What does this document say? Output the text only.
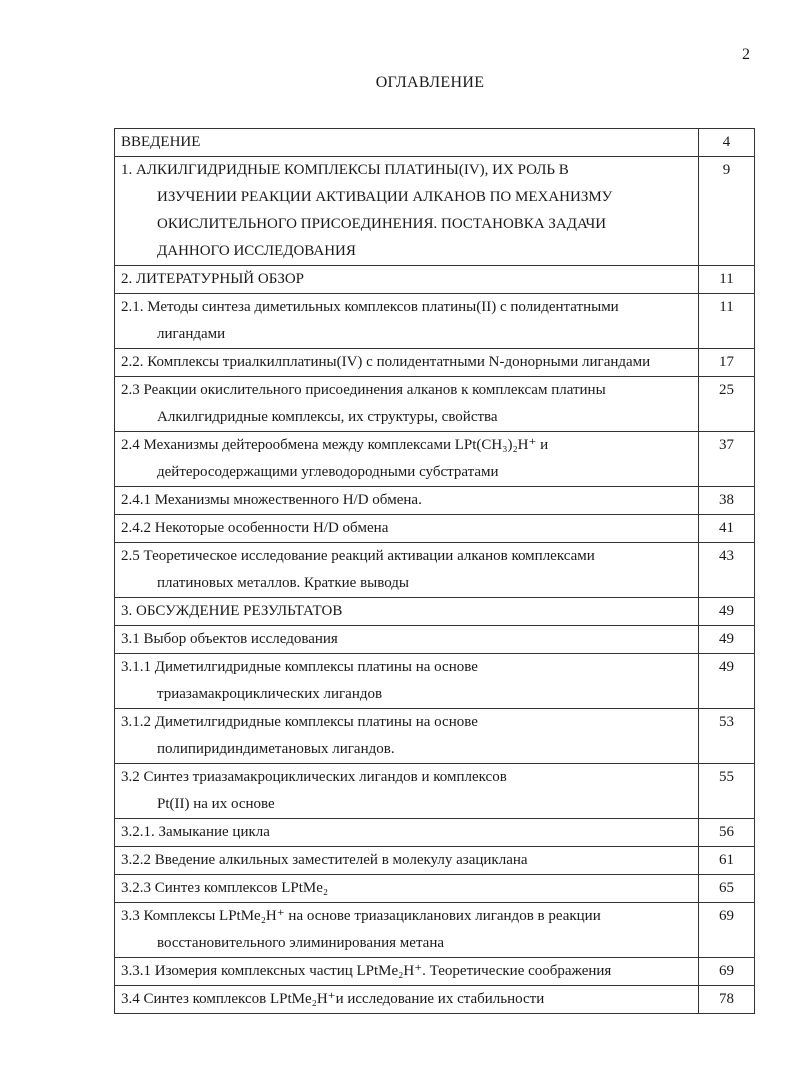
2
ОГЛАВЛЕНИЕ
ВВЕДЕНИЕ	4

1. АЛКИЛГИДРИДНЫЕ КОМПЛЕКСЫ ПЛАТИНЫ(IV), ИХ РОЛЬ В
ИЗУЧЕНИИ РЕАКЦИИ АКТИВАЦИИ АЛКАНОВ ПО МЕХАНИЗМУ
ОКИСЛИТЕЛЬНОГО ПРИСОЕДИНЕНИЯ. ПОСТАНОВКА ЗАДАЧИ
ДАННОГО ИССЛЕДОВАНИЯ	9

2. ЛИТЕРАТУРНЫЙ ОБЗОР	11

2.1. Методы синтеза диметильных комплексов платины(II) с полидентатными
лигандами	11

2.2. Комплексы триалкилплатины(IV) с полидентатными N-донорными лигандами	17

2.3 Реакции окислительного присоединения алканов к комплексам платины
Алкилгидридные комплексы, их структуры, свойства	25

2.4 Механизмы дейтерообмена между комплексами LPt(CH₃)₂H⁺ и
дейтеросодержащими углеводородными субстратами	37

2.4.1 Механизмы множественного H/D обмена.	38

2.4.2 Некоторые особенности H/D обмена	41

2.5 Теоретическое исследование реакций активации алканов комплексами
платиновых металлов. Краткие выводы	43

3. ОБСУЖДЕНИЕ РЕЗУЛЬТАТОВ	49

3.1 Выбор объектов исследования	49

3.1.1 Диметилгидридные комплексы платины на основе
триазамакроциклических лигандов	49

3.1.2 Диметилгидридные комплексы платины на основе
полипиридиндиметановых лигандов.	53

3.2 Синтез триазамакроциклических лигандов и комплексов
Pt(II) на их основе	55

3.2.1. Замыкание цикла	56

3.2.2 Введение алкильных заместителей в молекулу азациклана	61

3.2.3 Синтез комплексов LPtMe₂	65

3.3 Комплексы LPtMe₂H⁺ на основе триазацикланових лигандов в реакции
восстановительного элиминирования метана	69

3.3.1 Изомерия комплексных частиц LPtMe₂H⁺. Теоретические соображения	69

3.4 Синтез комплексов LPtMe₂H⁺и исследование их стабильности	78
